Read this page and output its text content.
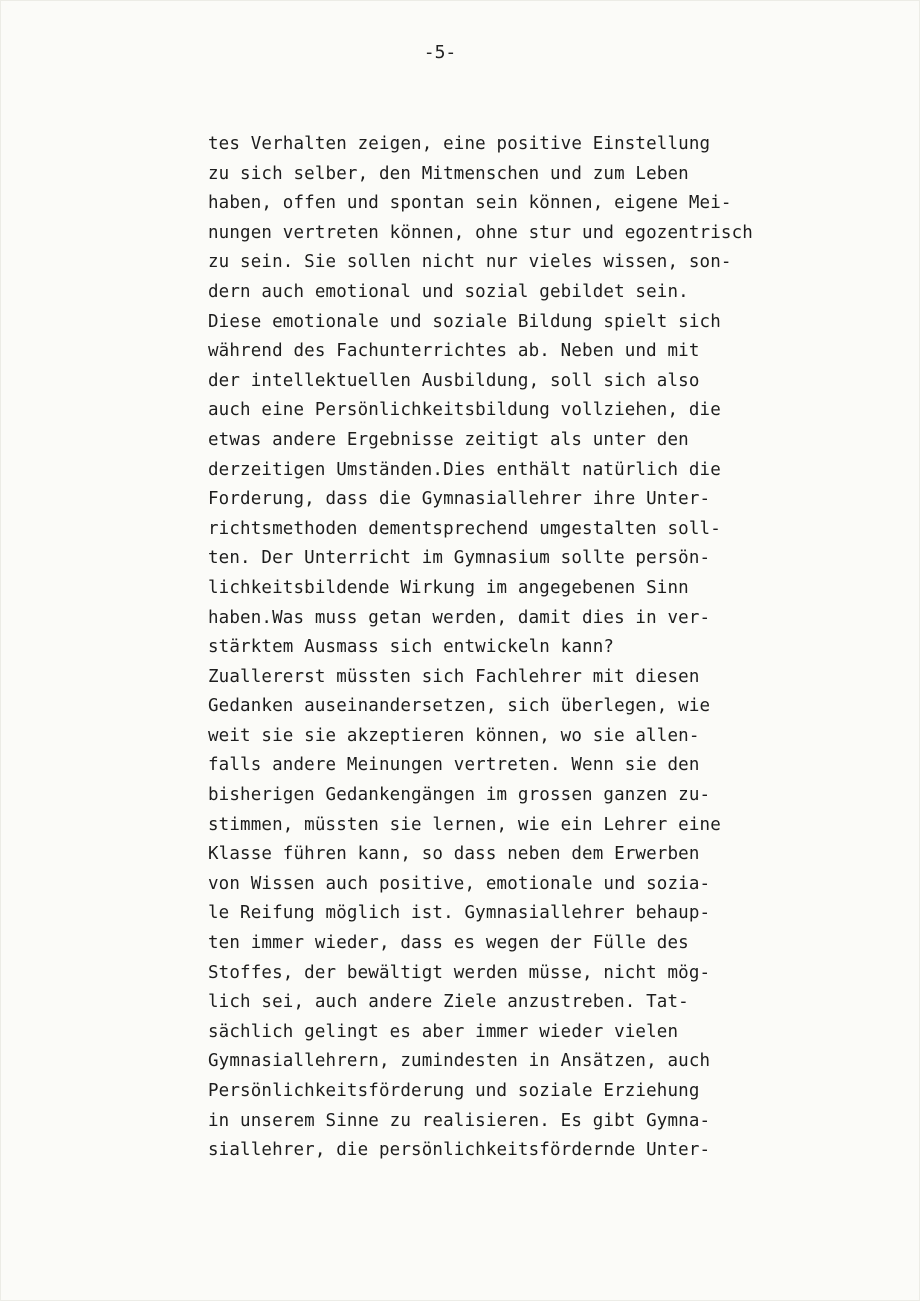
-5-
tes Verhalten zeigen, eine positive Einstellung
zu sich selber, den Mitmenschen und zum Leben
haben, offen und spontan sein können, eigene Mei-
nungen vertreten können, ohne stur und egozentrisch
zu sein. Sie sollen nicht nur vieles wissen, son-
dern auch emotional und sozial gebildet sein.
Diese emotionale und soziale Bildung spielt sich
während des Fachunterrichtes ab. Neben und mit
der intellektuellen Ausbildung, soll sich also
auch eine Persönlichkeitsbildung vollziehen, die
etwas andere Ergebnisse zeitigt als unter den
derzeitigen Umständen.Dies enthält natürlich die
Forderung, dass die Gymnasiallehrer ihre Unter-
richtsmethoden dementsprechend umgestalten soll-
ten. Der Unterricht im Gymnasium sollte persön-
lichkeitsbildende Wirkung im angegebenen Sinn
haben.Was muss getan werden, damit dies in ver-
stärktem Ausmass sich entwickeln kann?
Zuallererst müssten sich Fachlehrer mit diesen
Gedanken auseinandersetzen, sich überlegen, wie
weit sie sie akzeptieren können, wo sie allen-
falls andere Meinungen vertreten. Wenn sie den
bisherigen Gedankengängen im grossen ganzen zu-
stimmen, müssten sie lernen, wie ein Lehrer eine
Klasse führen kann, so dass neben dem Erwerben
von Wissen auch positive, emotionale und sozia-
le Reifung möglich ist. Gymnasiallehrer behaup-
ten immer wieder, dass es wegen der Fülle des
Stoffes, der bewältigt werden müsse, nicht mög-
lich sei, auch andere Ziele anzustreben. Tat-
sächlich gelingt es aber immer wieder vielen
Gymnasiallehrern, zumindesten in Ansätzen, auch
Persönlichkeitsförderung und soziale Erziehung
in unserem Sinne zu realisieren. Es gibt Gymna-
siallehrer, die persönlichkeitsfördernde Unter-
